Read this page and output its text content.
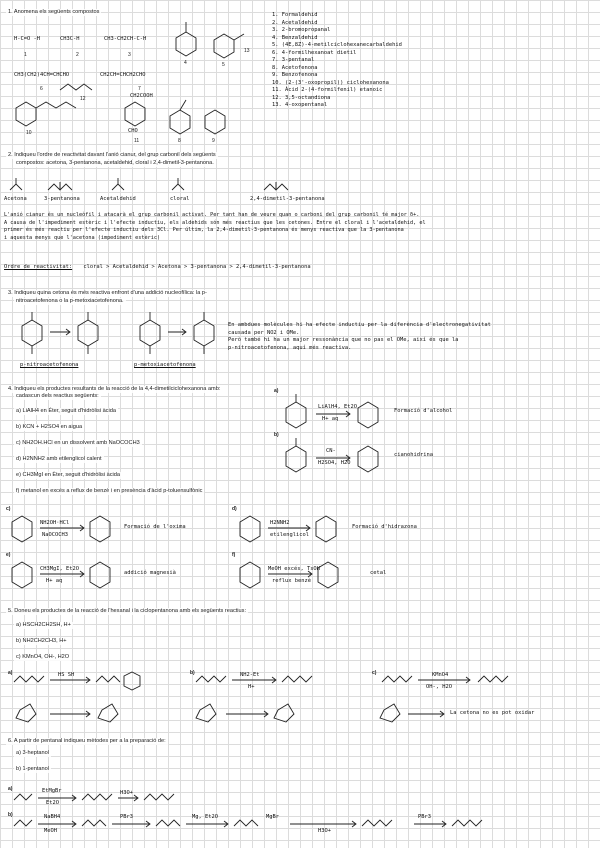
1. Anomena els següents compostos
H-C=O -H	CH3C-H	CH3-CH2CH-C-H
CH3(CH2)4CH=CHCHO	CH2CH=CHCH2CHO
CH2COOH
CHO
1	2	3
4	5
6	7
8	9
10
11
12
13
1. Formaldehid
2. Acetaldehid
3. 2-bromopropanal
4. Benzaldehid
5. (4E,8Z)-4-metilciclohexanecarbaldehid
6. 4-formilhexanoat dietil
7. 3-pentanal
8. Acetofenona
9. Benzofenona
10. (2-(3'-oxopropil)) ciclohexanona
11. Àcid 2-(4-formilfenil) etanoic
12. 3,5-octandiona
13. 4-oxopentanal
2. Indiqueu l'ordre de reactivitat davant l'anió cianur, del grup carbonil dels següents
compostos: acetona, 3-pentanona, acetaldehid, cloral i 2,4-dimetil-3-pentanona.
Acetona	3-pentanona	Acetaldehid	cloral	2,4-dimetil-3-pentanona
L'anió cianur és un nucleòfil i atacarà el grup carbonil activat. Per tant han de veure quan o carboni del grup carbonil té major δ+.
A causa de l'impediment estèric i l'efecte inductiu, els aldehids són més reactius que les cetones. Entre el cloral i l'acetaldehid, el
primer és més reactiu per l'efecte inductiu dels 3Cl. Per últim, la 2,4-dimetil-3-pentanona és menys reactiva que la 3-pentanona
i aquesta menys que l'acetona (impediment estèric)
Ordre de reactivitat: cloral > Acetaldehid > Acetona > 3-pentanona > 2,4-dimetil-3-pentanona
3. Indiqueu quina cetona és més reactiva enfront d'una addició nucleofílica: la p-
nitroacetofenona o la p-metoxiacetofenona.
p-nitroacetofenona	p-metoxiacetofenona
En ambdues molècules hi ha efecte inductiu per la diferència d'electronegativitat
causada per NO2 i OMe.
Però també hi ha un major ressonància que no pas el OMe, així és que la
p-nitroacetofenona, aquí més reactiva.
4. Indiqueu els productes resultants de la reacció de la 4,4-dimetilciclohexanona amb:
cadascun dels reactius següents:
a) LiAlH4 en Éter, seguit d'hidròlisi àcida
b) KCN + H2SO4 en aigua
c) NH2OH.HCl en un dissolvent amb NaOCOCH3
d) H2NNH2 amb etilenglicol calent
e) CH3MgI en Èter, seguit d'hidròlisi àcida
f) metanol en excés a reflux de benzè i en presència d'àcid p-toluensulfònic
a)
LiAlH4, Et2O
H+ aq
Formació d'alcohol
b)
CN-
H2SO4, H2O
cianohidrina
c)
NH2OH·HCl
NaOCOCH3
Formació de l'oxima
d)
H2NNH2
etilenglicol
Formació d'hidrazona
e)
CH3MgI, Et2O
H+ aq
addició magnesià
f)
MeOH excés, TsOH
reflux benzè
cetal
5. Doneu els productes de la reacció de l'hexanal i la ciclopentanona amb els següents reactius:
a) HSCH2CH2SH, H+
b) NH2CH2CH3, H+
c) KMnO4, OH-, H2O
a)	HS SH	b)	NH2-Et
H+
c)	KMnO4
OH-, H2O
La cetona no es pot oxidar
6. A partir de pentanal indiqueu mètodes per a la preparació de:
a) 3-heptanol
b) 1-pentanol
a)	EtMgBr
Et2O
H3O+
b)	NaBH4
MeOH
PBr3	Mg, Et2O	MgBr
H3O+
PBr3
